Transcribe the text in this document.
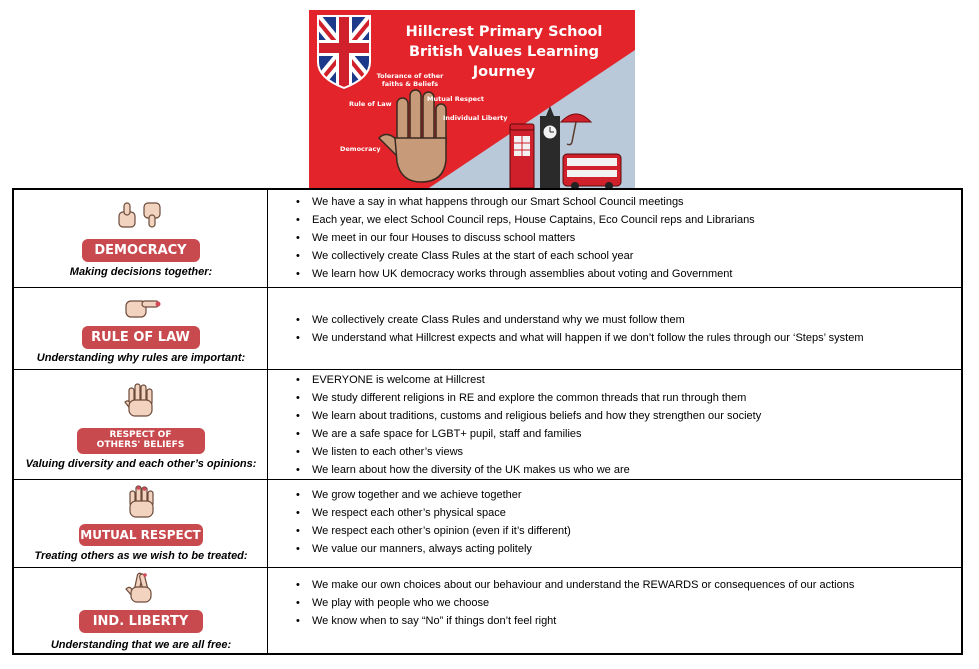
Hillcrest Primary School
British Values Learning Journey
Tolerance of other faiths & Beliefs
Rule of Law
Mutual Respect
Individual Liberty
Democracy
DEMOCRACY
Making decisions together:
• We have a say in what happens through our Smart School Council meetings
• Each year, we elect School Council reps, House Captains, Eco Council reps and Librarians
• We meet in our four Houses to discuss school matters
• We collectively create Class Rules at the start of each school year
• We learn how UK democracy works through assemblies about voting and Government
RULE OF LAW
Understanding why rules are important:
• We collectively create Class Rules and understand why we must follow them
• We understand what Hillcrest expects and what will happen if we don’t follow the rules through our ‘Steps’ system
RESPECT OF
OTHERS' BELIEFS
Valuing diversity and each other’s opinions:
• EVERYONE is welcome at Hillcrest
• We study different religions in RE and explore the common threads that run through them
• We learn about traditions, customs and religious beliefs and how they strengthen our society
• We are a safe space for LGBT+ pupil, staff and families
• We listen to each other’s views
• We learn about how the diversity of the UK makes us who we are
MUTUAL RESPECT
Treating others as we wish to be treated:
• We grow together and we achieve together
• We respect each other’s physical space
• We respect each other’s opinion (even if it’s different)
• We value our manners, always acting politely
IND. LIBERTY
Understanding that we are all free:
• We make our own choices about our behaviour and understand the REWARDS or consequences of our actions
• We play with people who we choose
• We know when to say “No” if things don’t feel right
